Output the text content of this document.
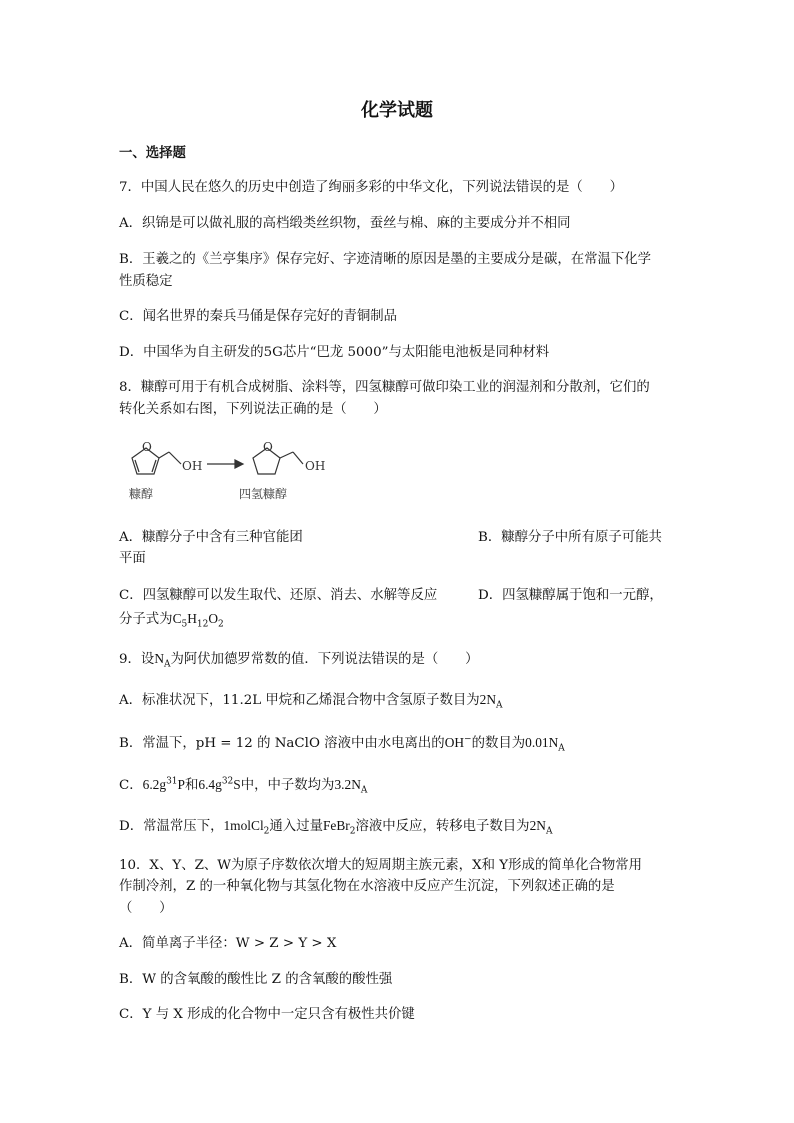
化学试题
一、选择题
7．中国人民在悠久的历史中创造了绚丽多彩的中华文化，下列说法错误的是（　　）
A．织锦是可以做礼服的高档缎类丝织物，蚕丝与棉、麻的主要成分并不相同
B．王羲之的《兰亭集序》保存完好、字迹清晰的原因是墨的主要成分是碳，在常温下化学
性质稳定
C．闻名世界的秦兵马俑是保存完好的青铜制品
D．中国华为自主研发的5G芯片“巴龙 5000”与太阳能电池板是同种材料
8．糠醇可用于有机合成树脂、涂料等，四氢糠醇可做印染工业的润湿剂和分散剂，它们的
转化关系如右图，下列说法正确的是（　　）
O
OH
O
OH
糠醇	四氢糠醇
A．糠醇分子中含有三种官能团	B．糠醇分子中所有原子可能共
平面
C．四氢糠醇可以发生取代、还原、消去、水解等反应	D．四氢糠醇属于饱和一元醇，
分子式为$C_5H_{12}O_2$
9．设$N_A$为阿伏加德罗常数的值．下列说法错误的是（　　）
A．标准状况下，11.2L 甲烷和乙烯混合物中含氢原子数目为$2N_A$
B．常温下，pH = 12 的 NaClO 溶液中由水电离出的OH−的数目为$0.01N_A$
C．$6.2g^{31}P$和$6.4g^{32}S$中，中子数均为$3.2N_A$
D．常温常压下，1molCl$_2$通入过量FeBr$_2$溶液中反应，转移电子数目为$2N_A$
10．X、Y、Z、W为原子序数依次增大的短周期主族元素，X和 Y形成的简单化合物常用
作制冷剂，Z 的一种氧化物与其氢化物在水溶液中反应产生沉淀，下列叙述正确的是
（　　）
A．简单离子半径：W > Z > Y > X
B．W 的含氧酸的酸性比 Z 的含氧酸的酸性强
C．Y 与 X 形成的化合物中一定只含有极性共价键
